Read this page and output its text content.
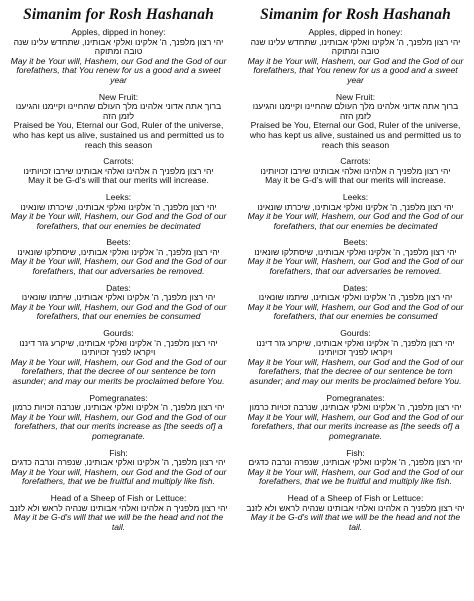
Simanim for Rosh Hashanah
Apples, dipped in honey:
יהי רצון מלפנך, ה' אלקינו ואלקי אבותינו, שתחדש עלינו שנה טובה ומתוקה
May it be Your will, Hashem, our God and the God of our forefathers, that You renew for us a good and a sweet year
New Fruit:
ברוך אתה אדוני אלהינו מלך העולם שהחיינו וקיימנו והגיענו לזמן הזה
Praised be You, Eternal our God, Ruler of the universe, who has kept us alive, sustained us and permitted us to reach this season
Carrots:
יהי רצון מלפניך ה אלהינו ואלהי אבותינו שירבו זכויותינו
May it be G-d's will that our merits will increase.
Leeks:
יהי רצון מלפנך, ה' אלקינו ואלקי אבותינו, שיכרתו שונאינו
May it be Your will, Hashem, our God and the God of our forefathers, that our enemies be decimated
Beets:
יהי רצון מלפנך, ה' אלקינו ואלקי אבותינו, שיסתלקו שונאינו
May it be Your will, Hashem, our God and the God of our forefathers, that our adversaries be removed.
Dates:
יהי רצון מלפנך, ה' אלקינו ואלקי אבותינו, שיתמו שונאינו
May it be Your will, Hashem, our God and the God of our forefathers, that our enemies be consumed
Gourds:
יהי רצון מלפנך, ה' אלקינו ואלקי אבותינו, שיקרע גזר דיננו ויקראו לפניך זכויותינו
May it be Your will, Hashem, our God and the God of our forefathers, that the decree of our sentence be torn asunder; and may our merits be proclaimed before You.
Pomegranates:
יהי רצון מלפנך, ה' אלקינו ואלקי אבותינו, שנרבה זכויות כרמון
May it be Your will, Hashem, our God and the God of our forefathers, that our merits increase as [the seeds of] a pomegranate.
Fish:
יהי רצון מלפנך, ה' אלקינו ואלקי אבותינו, שנפרה ונרבה כדגים
May it be Your will, Hashem, our God and the God of our forefathers, that we be fruitful and multiply like fish.
Head of a Sheep of Fish or Lettuce:
יהי רצון מלפניך ה אלהינו ואלהי אבותינו שנהיה לראש ולא לזנב
May it be G-d's will that we will be the head and not the tail.
Simanim for Rosh Hashanah
Apples, dipped in honey:
יהי רצון מלפנך, ה' אלקינו ואלקי אבותינו, שתחדש עלינו שנה טובה ומתוקה
May it be Your will, Hashem, our God and the God of our forefathers, that You renew for us a good and a sweet year
New Fruit:
ברוך אתה אדוני אלהינו מלך העולם שהחיינו וקיימנו והגיענו לזמן הזה
Praised be You, Eternal our God, Ruler of the universe, who has kept us alive, sustained us and permitted us to reach this season
Carrots:
יהי רצון מלפניך ה אלהינו ואלהי אבותינו שירבו זכויותינו
May it be G-d's will that our merits will increase.
Leeks:
יהי רצון מלפנך, ה' אלקינו ואלקי אבותינו, שיכרתו שונאינו
May it be Your will, Hashem, our God and the God of our forefathers, that our enemies be decimated
Beets:
יהי רצון מלפנך, ה' אלקינו ואלקי אבותינו, שיסתלקו שונאינו
May it be Your will, Hashem, our God and the God of our forefathers, that our adversaries be removed.
Dates:
יהי רצון מלפנך, ה' אלקינו ואלקי אבותינו, שיתמו שונאינו
May it be Your will, Hashem, our God and the God of our forefathers, that our enemies be consumed
Gourds:
יהי רצון מלפנך, ה' אלקינו ואלקי אבותינו, שיקרע גזר דיננו ויקראו לפניך זכויותינו
May it be Your will, Hashem, our God and the God of our forefathers, that the decree of our sentence be torn asunder; and may our merits be proclaimed before You.
Pomegranates:
יהי רצון מלפנך, ה' אלקינו ואלקי אבותינו, שנרבה זכויות כרמון
May it be Your will, Hashem, our God and the God of our forefathers, that our merits increase as [the seeds of] a pomegranate.
Fish:
יהי רצון מלפנך, ה' אלקינו ואלקי אבותינו, שנפרה ונרבה כדגים
May it be Your will, Hashem, our God and the God of our forefathers, that we be fruitful and multiply like fish.
Head of a Sheep of Fish or Lettuce:
יהי רצון מלפניך ה אלהינו ואלהי אבותינו שנהיה לראש ולא לזנב
May it be G-d's will that we will be the head and not the tail.
